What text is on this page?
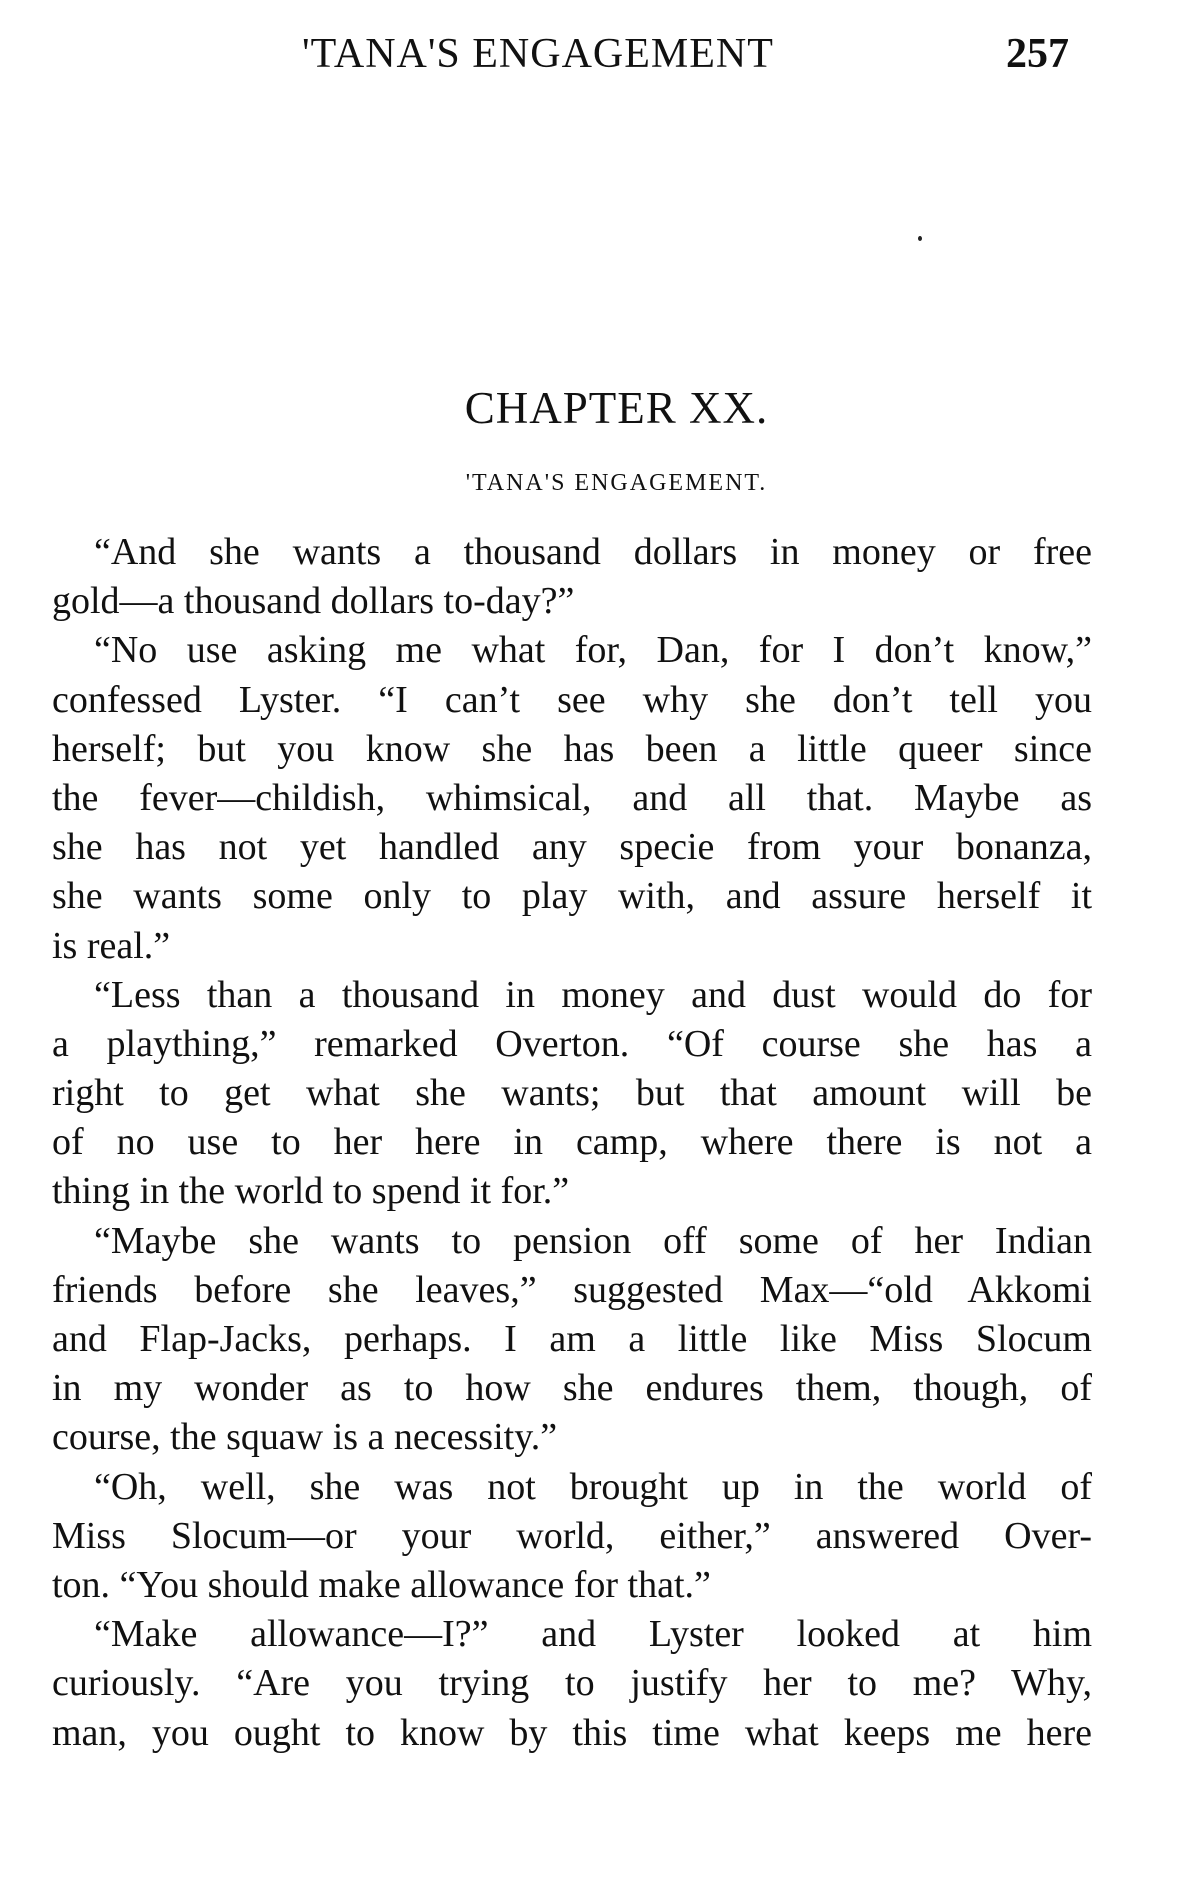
'TANA'S ENGAGEMENT	257
CHAPTER XX.
'TANA'S ENGAGEMENT.
“And she wants a thousand dollars in money or free
gold—a thousand dollars to-day?”
“No use asking me what for, Dan, for I don’t know,”
confessed Lyster. “I can’t see why she don’t tell you
herself; but you know she has been a little queer since
the fever—childish, whimsical, and all that. Maybe as
she has not yet handled any specie from your bonanza,
she wants some only to play with, and assure herself it
is real.”
“Less than a thousand in money and dust would do for
a plaything,” remarked Overton. “Of course she has a
right to get what she wants; but that amount will be
of no use to her here in camp, where there is not a
thing in the world to spend it for.”
“Maybe she wants to pension off some of her Indian
friends before she leaves,” suggested Max—“old Akkomi
and Flap-Jacks, perhaps. I am a little like Miss Slocum
in my wonder as to how she endures them, though, of
course, the squaw is a necessity.”
“Oh, well, she was not brought up in the world of
Miss Slocum—or your world, either,” answered Over-
ton. “You should make allowance for that.”
“Make allowance—I?” and Lyster looked at him
curiously. “Are you trying to justify her to me? Why,
man, you ought to know by this time what keeps me here
